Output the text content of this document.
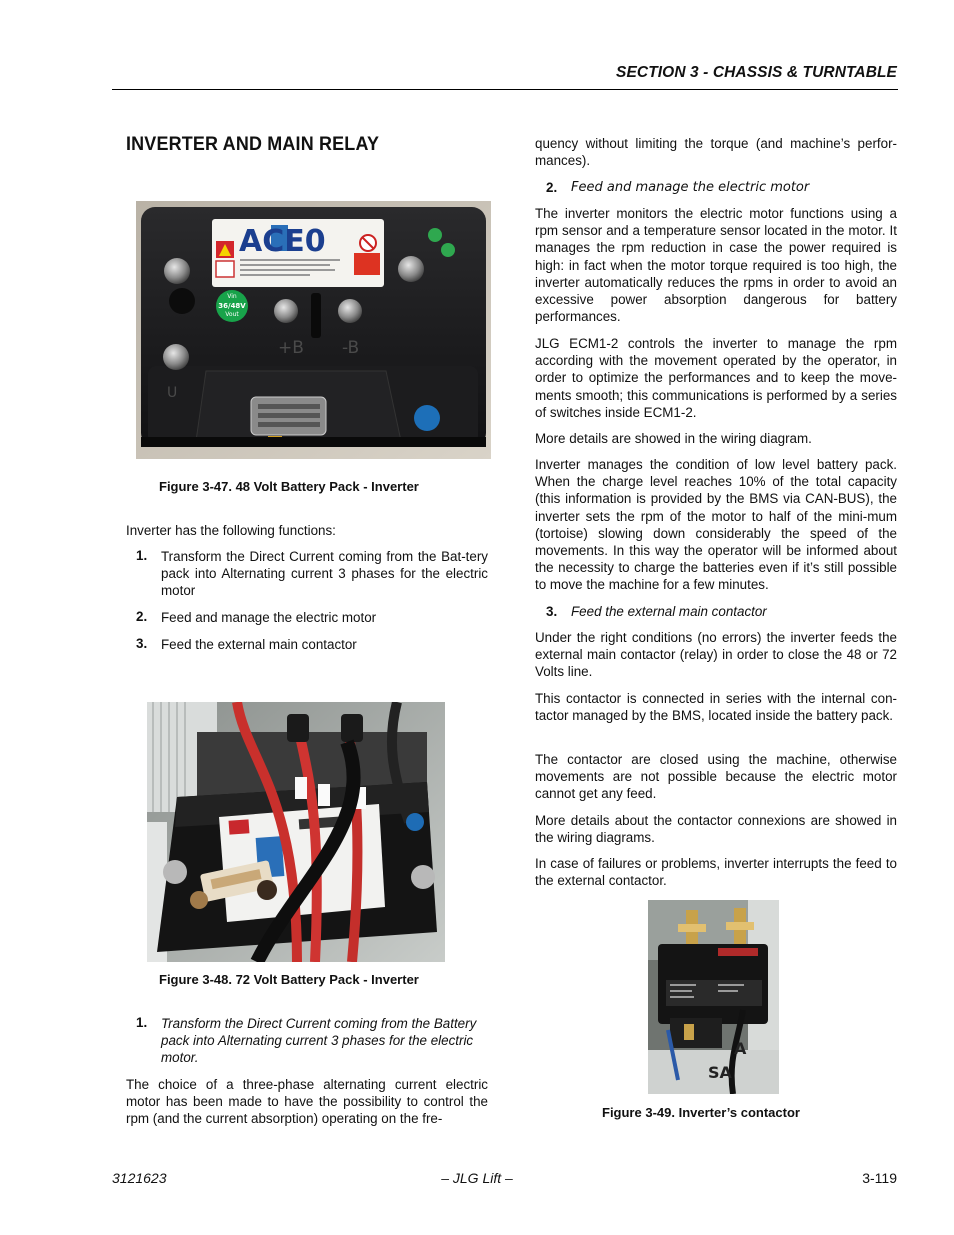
SECTION 3 - CHASSIS & TURNTABLE
INVERTER AND MAIN RELAY
ACE0
Vin
36/48V
Vout
+B -B
U
Figure 3-47. 48 Volt Battery Pack - Inverter
Inverter has the following functions:
1. Transform the Direct Current coming from the Bat-tery pack into Alternating current 3 phases for the electric motor
2. Feed and manage the electric motor
3. Feed the external main contactor
Figure 3-48. 72 Volt Battery Pack - Inverter
1. Transform the Direct Current coming from the Battery pack into Alternating current 3 phases for the electric motor.
The choice of a three-phase alternating current electric motor has been made to have the possibility to control the rpm (and the current absorption) operating on the fre-
quency without limiting the torque (and machine’s perfor-mances).
2. Feed and manage the electric motor
The inverter monitors the electric motor functions using a rpm sensor and a temperature sensor located in the motor. It manages the rpm reduction in case the power required is high: in fact when the motor torque required is too high, the inverter automatically reduces the rpms in order to avoid an excessive power absorption dangerous for battery performances.
JLG ECM1-2 controls the inverter to manage the rpm according with the movement operated by the operator, in order to optimize the performances and to keep the move-ments smooth; this communications is performed by a series of switches inside ECM1-2.
More details are showed in the wiring diagram.
Inverter manages the condition of low level battery pack. When the charge level reaches 10% of the total capacity (this information is provided by the BMS via CAN-BUS), the inverter sets the rpm of the motor to half of the mini-mum (tortoise) slowing down considerably the speed of the movements. In this way the operator will be informed about the necessity to charge the batteries even if it’s still possible to move the machine for a few minutes.
3. Feed the external main contactor
Under the right conditions (no errors) the inverter feeds the external main contactor (relay) in order to close the 48 or 72 Volts line.
This contactor is connected in series with the internal con-tactor managed by the BMS, located inside the battery pack.
The contactor are closed using the machine, otherwise movements are not possible because the electric motor cannot get any feed.
More details about the contactor connexions are showed in the wiring diagrams.
In case of failures or problems, inverter interrupts the feed to the external contactor.
A
SA
Figure 3-49. Inverter’s contactor
3121623	– JLG Lift –	3-119
